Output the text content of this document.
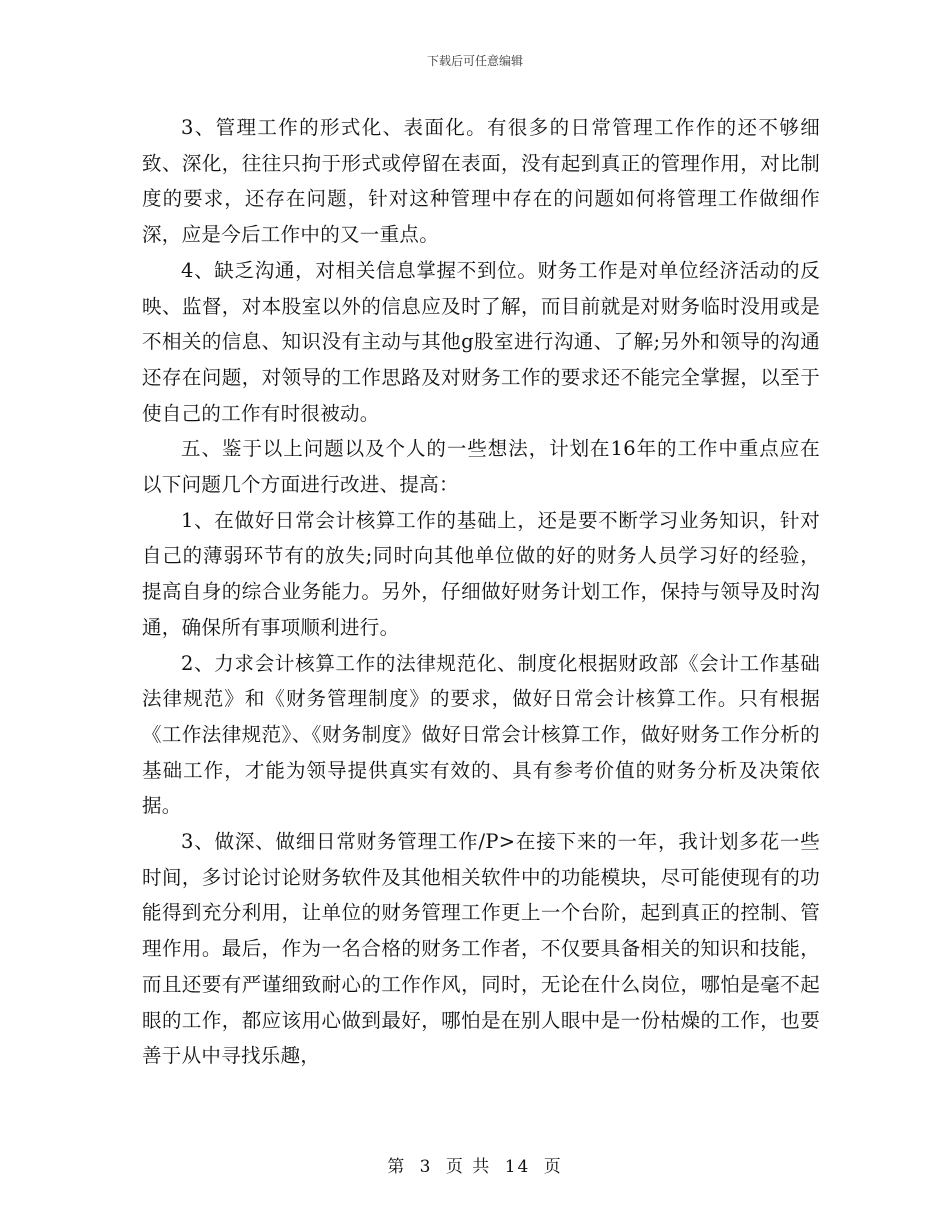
下载后可任意编辑

3、管理工作的形式化、表面化。有很多的日常管理工作作的还不够细致、深化，往往只拘于形式或停留在表面，没有起到真正的管理作用，对比制度的要求，还存在问题，针对这种管理中存在的问题如何将管理工作做细作深，应是今后工作中的又一重点。

4、缺乏沟通，对相关信息掌握不到位。财务工作是对单位经济活动的反映、监督，对本股室以外的信息应及时了解，而目前就是对财务临时没用或是不相关的信息、知识没有主动与其他g股室进行沟通、了解;另外和领导的沟通还存在问题，对领导的工作思路及对财务工作的要求还不能完全掌握，以至于使自己的工作有时很被动。

五、鉴于以上问题以及个人的一些想法，计划在16年的工作中重点应在以下问题几个方面进行改进、提高：

1、在做好日常会计核算工作的基础上，还是要不断学习业务知识，针对自己的薄弱环节有的放失;同时向其他单位做的好的财务人员学习好的经验，提高自身的综合业务能力。另外，仔细做好财务计划工作，保持与领导及时沟通，确保所有事项顺利进行。

2、力求会计核算工作的法律规范化、制度化根据财政部《会计工作基础法律规范》和《财务管理制度》的要求，做好日常会计核算工作。只有根据《工作法律规范》、《财务制度》做好日常会计核算工作，做好财务工作分析的基础工作，才能为领导提供真实有效的、具有参考价值的财务分析及决策依据。

3、做深、做细日常财务管理工作/P>在接下来的一年，我计划多花一些时间，多讨论讨论财务软件及其他相关软件中的功能模块，尽可能使现有的功能得到充分利用，让单位的财务管理工作更上一个台阶，起到真正的控制、管理作用。最后，作为一名合格的财务工作者，不仅要具备相关的知识和技能，而且还要有严谨细致耐心的工作作风，同时，无论在什么岗位，哪怕是毫不起眼的工作，都应该用心做到最好，哪怕是在别人眼中是一份枯燥的工作，也要善于从中寻找乐趣，

第 3 页 共 14 页
